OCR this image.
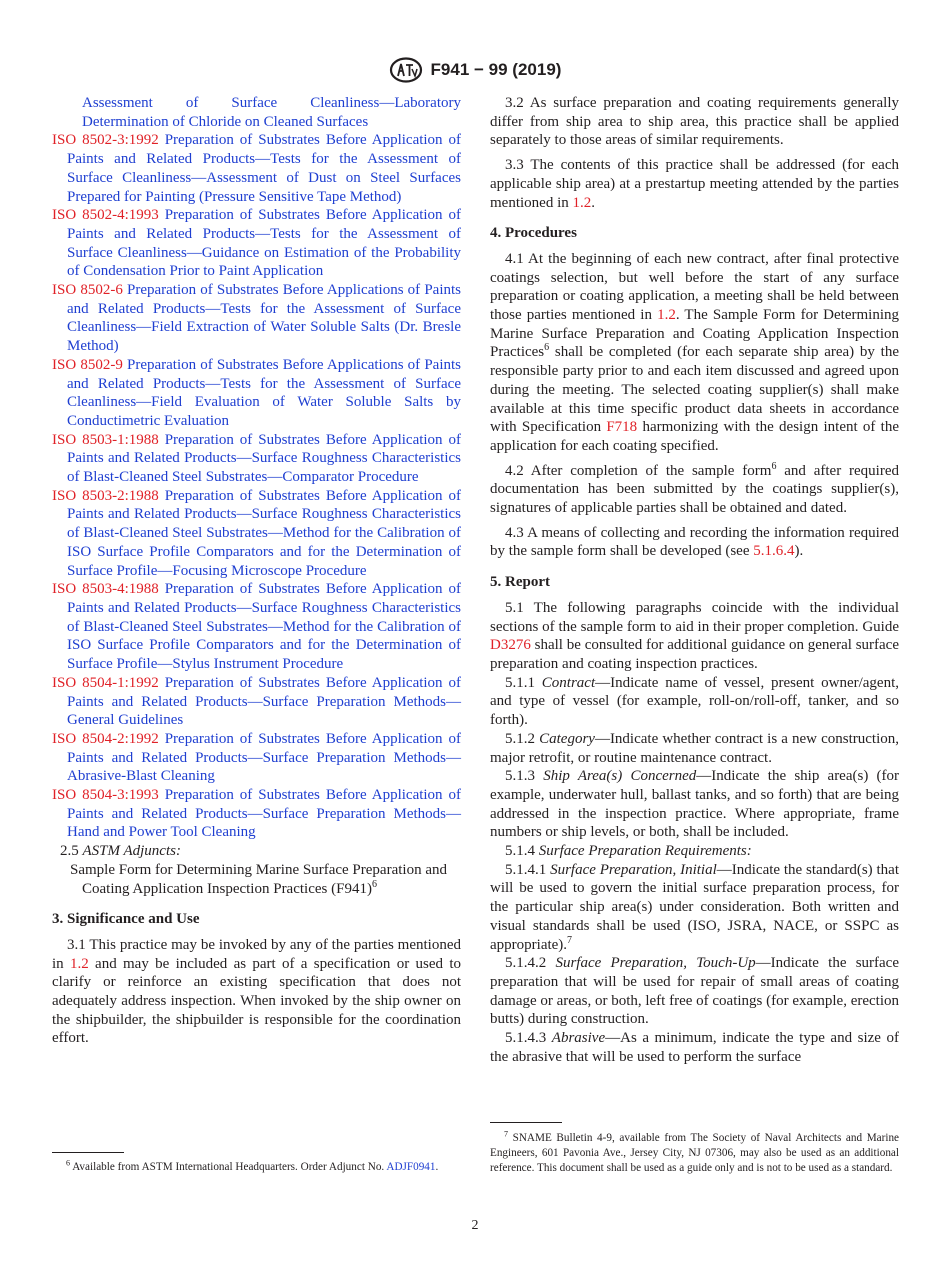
F941 − 99 (2019)
Assessment of Surface Cleanliness—Laboratory Determination of Chloride on Cleaned Surfaces
ISO 8502-3:1992 Preparation of Substrates Before Application of Paints and Related Products—Tests for the Assessment of Surface Cleanliness—Assessment of Dust on Steel Surfaces Prepared for Painting (Pressure Sensitive Tape Method)
ISO 8502-4:1993 Preparation of Substrates Before Application of Paints and Related Products—Tests for the Assessment of Surface Cleanliness—Guidance on Estimation of the Probability of Condensation Prior to Paint Application
ISO 8502-6 Preparation of Substrates Before Applications of Paints and Related Products—Tests for the Assessment of Surface Cleanliness—Field Extraction of Water Soluble Salts (Dr. Bresle Method)
ISO 8502-9 Preparation of Substrates Before Applications of Paints and Related Products—Tests for the Assessment of Surface Cleanliness—Field Evaluation of Water Soluble Salts by Conductimetric Evaluation
ISO 8503-1:1988 Preparation of Substrates Before Application of Paints and Related Products—Surface Roughness Characteristics of Blast-Cleaned Steel Substrates—Comparator Procedure
ISO 8503-2:1988 Preparation of Substrates Before Application of Paints and Related Products—Surface Roughness Characteristics of Blast-Cleaned Steel Substrates—Method for the Calibration of ISO Surface Profile Comparators and for the Determination of Surface Profile—Focusing Microscope Procedure
ISO 8503-4:1988 Preparation of Substrates Before Application of Paints and Related Products—Surface Roughness Characteristics of Blast-Cleaned Steel Substrates—Method for the Calibration of ISO Surface Profile Comparators and for the Determination of Surface Profile—Stylus Instrument Procedure
ISO 8504-1:1992 Preparation of Substrates Before Application of Paints and Related Products—Surface Preparation Methods—General Guidelines
ISO 8504-2:1992 Preparation of Substrates Before Application of Paints and Related Products—Surface Preparation Methods—Abrasive-Blast Cleaning
ISO 8504-3:1993 Preparation of Substrates Before Application of Paints and Related Products—Surface Preparation Methods—Hand and Power Tool Cleaning
2.5 ASTM Adjuncts:
Sample Form for Determining Marine Surface Preparation and Coating Application Inspection Practices $(F941)^6$
3. Significance and Use

3.1 This practice may be invoked by any of the parties mentioned in 1.2 and may be included as part of a specification or used to clarify or reinforce an existing specification that does not adequately address inspection. When invoked by the ship owner on the shipbuilder, the shipbuilder is responsible for the coordination effort.

3.2 As surface preparation and coating requirements generally differ from ship area to ship area, this practice shall be applied separately to those areas of similar requirements.

3.3 The contents of this practice shall be addressed (for each applicable ship area) at a prestartup meeting attended by the parties mentioned in 1.2.

4. Procedures

4.1 At the beginning of each new contract, after final protective coatings selection, but well before the start of any surface preparation or coating application, a meeting shall be held between those parties mentioned in 1.2. The Sample Form for Determining Marine Surface Preparation and Coating Application Inspection Practices$^6$ shall be completed (for each separate ship area) by the responsible party prior to and each item discussed and agreed upon during the meeting. The selected coating supplier(s) shall make available at this time specific product data sheets in accordance with Specification F718 harmonizing with the design intent of the application for each coating specified.

4.2 After completion of the sample form$^6$ and after required documentation has been submitted by the coatings supplier(s), signatures of applicable parties shall be obtained and dated.

4.3 A means of collecting and recording the information required by the sample form shall be developed (see 5.1.6.4).

5. Report

5.1 The following paragraphs coincide with the individual sections of the sample form to aid in their proper completion. Guide D3276 shall be consulted for additional guidance on general surface preparation and coating inspection practices.

5.1.1 Contract—Indicate name of vessel, present owner/agent, and type of vessel (for example, roll-on/roll-off, tanker, and so forth).

5.1.2 Category—Indicate whether contract is a new construction, major retrofit, or routine maintenance contract.

5.1.3 Ship Area(s) Concerned—Indicate the ship area(s) (for example, underwater hull, ballast tanks, and so forth) that are being addressed in the inspection practice. Where appropriate, frame numbers or ship levels, or both, shall be included.

5.1.4 Surface Preparation Requirements:

5.1.4.1 Surface Preparation, Initial—Indicate the standard(s) that will be used to govern the initial surface preparation process, for the particular ship area(s) under consideration. Both written and visual standards shall be used (ISO, JSRA, NACE, or SSPC as appropriate).$^7$

5.1.4.2 Surface Preparation, Touch-Up—Indicate the surface preparation that will be used for repair of small areas of coating damage or areas, or both, left free of coatings (for example, erection butts) during construction.

5.1.4.3 Abrasive—As a minimum, indicate the type and size of the abrasive that will be used to perform the surface

$^6$ Available from ASTM International Headquarters. Order Adjunct No. ADJF0941.
$^7$ SNAME Bulletin 4-9, available from The Society of Naval Architects and Marine Engineers, 601 Pavonia Ave., Jersey City, NJ 07306, may also be used as an additional reference. This document shall be used as a guide only and is not to be used as a standard.
2
